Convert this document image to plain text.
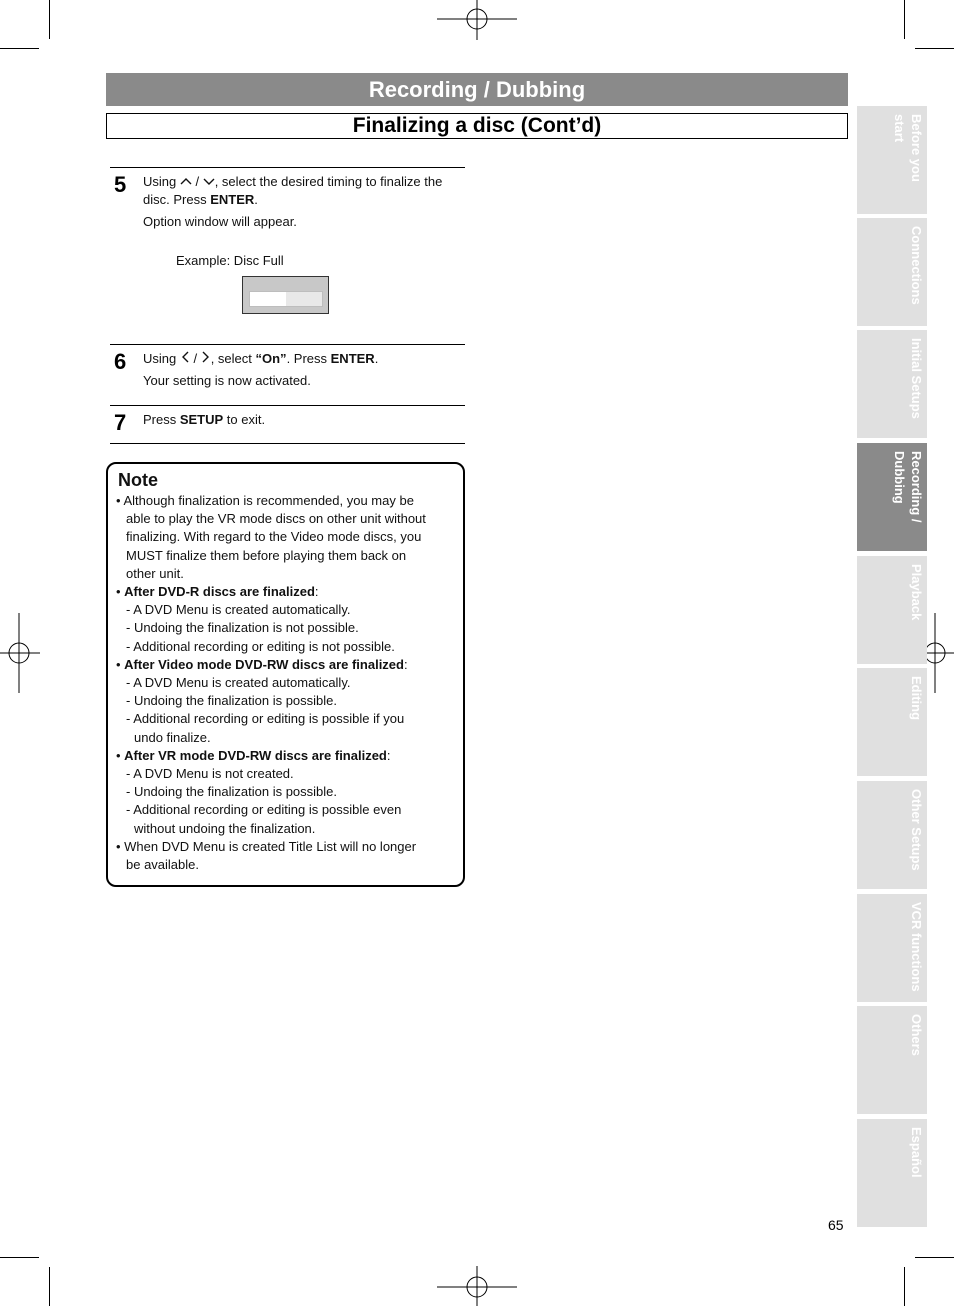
Recording / Dubbing
Finalizing a disc (Cont’d)
5 Using  / , select the desired timing to finalize the
disc. Press ENTER.
Option window will appear.
Example: Disc Full
6 Using  / , select “On”. Press ENTER.
Your setting is now activated.
7 Press SETUP to exit.
Note
• Although finalization is recommended, you may be
able to play the VR mode discs on other unit without
finalizing. With regard to the Video mode discs, you
MUST finalize them before playing them back on
other unit.
• After DVD-R discs are finalized:
- A DVD Menu is created automatically.
- Undoing the finalization is not possible.
- Additional recording or editing is not possible.
• After Video mode DVD-RW discs are finalized:
- A DVD Menu is created automatically.
- Undoing the finalization is possible.
- Additional recording or editing is possible if you
undo finalize.
• After VR mode DVD-RW discs are finalized:
- A DVD Menu is not created.
- Undoing the finalization is possible.
- Additional recording or editing is possible even
without undoing the finalization.
• When DVD Menu is created Title List will no longer
be available.
Before you
start
Connections
Initial Setups
Recording /
Dubbing
Playback
Editing
Other Setups
VCR functions
Others
Español
65
